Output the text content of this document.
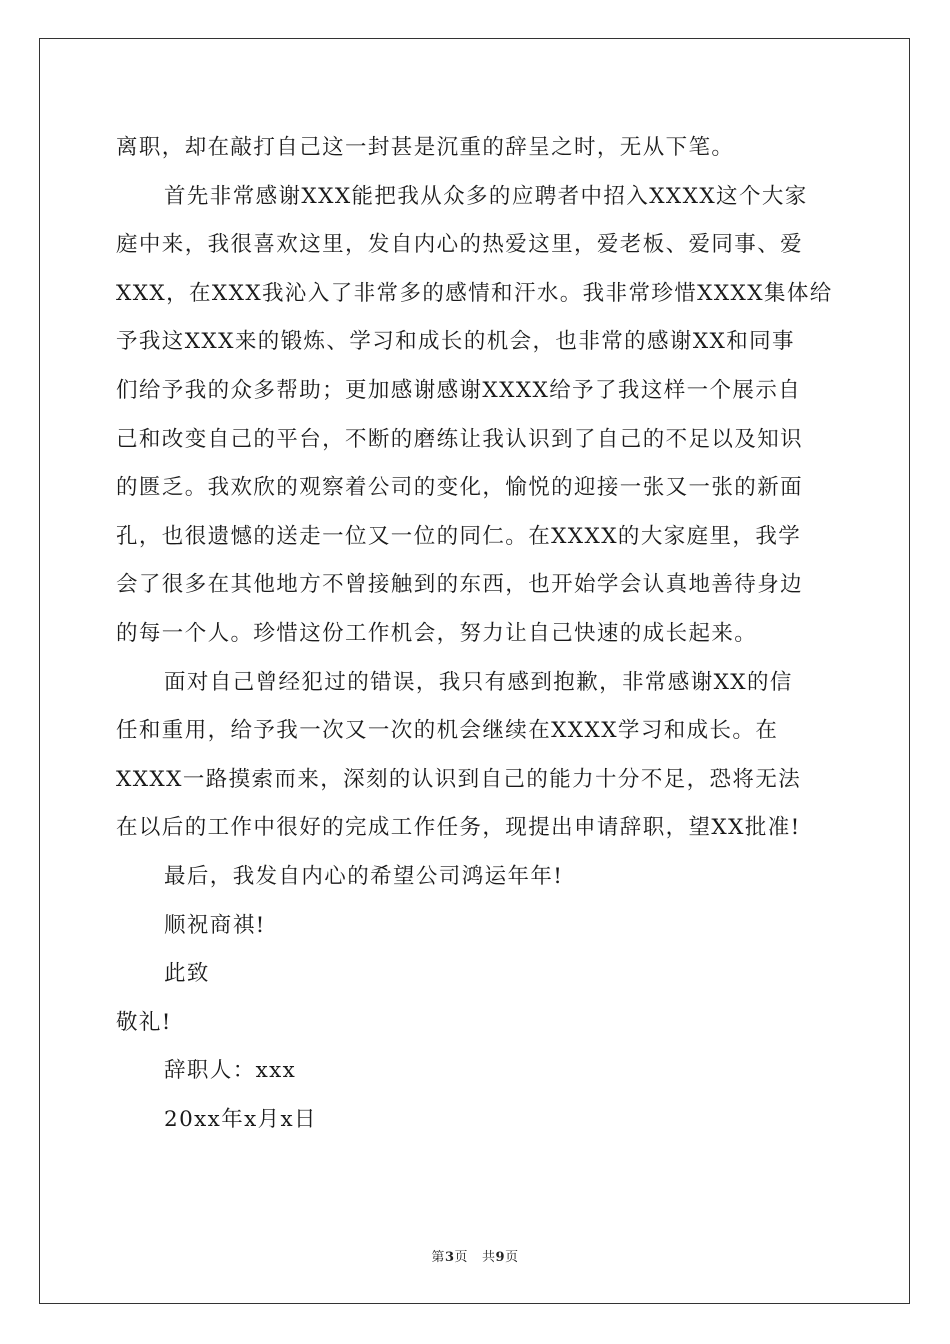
离职，却在敲打自己这一封甚是沉重的辞呈之时，无从下笔。
首先非常感谢XXX能把我从众多的应聘者中招入XXXX这个大家
庭中来，我很喜欢这里，发自内心的热爱这里，爱老板、爱同事、爱
XXX，在XXX我沁入了非常多的感情和汗水。我非常珍惜XXXX集体给
予我这XXX来的锻炼、学习和成长的机会，也非常的感谢XX和同事
们给予我的众多帮助；更加感谢感谢XXXX给予了我这样一个展示自
己和改变自己的平台，不断的磨练让我认识到了自己的不足以及知识
的匮乏。我欢欣的观察着公司的变化，愉悦的迎接一张又一张的新面
孔，也很遗憾的送走一位又一位的同仁。在XXXX的大家庭里，我学
会了很多在其他地方不曾接触到的东西，也开始学会认真地善待身边
的每一个人。珍惜这份工作机会，努力让自己快速的成长起来。
面对自己曾经犯过的错误，我只有感到抱歉，非常感谢XX的信
任和重用，给予我一次又一次的机会继续在XXXX学习和成长。在
XXXX一路摸索而来，深刻的认识到自己的能力十分不足，恐将无法
在以后的工作中很好的完成工作任务，现提出申请辞职，望XX批准!
最后，我发自内心的希望公司鸿运年年!
顺祝商祺!
此致
敬礼!
辞职人：xxx
20xx年x月x日
第3页 共9页
